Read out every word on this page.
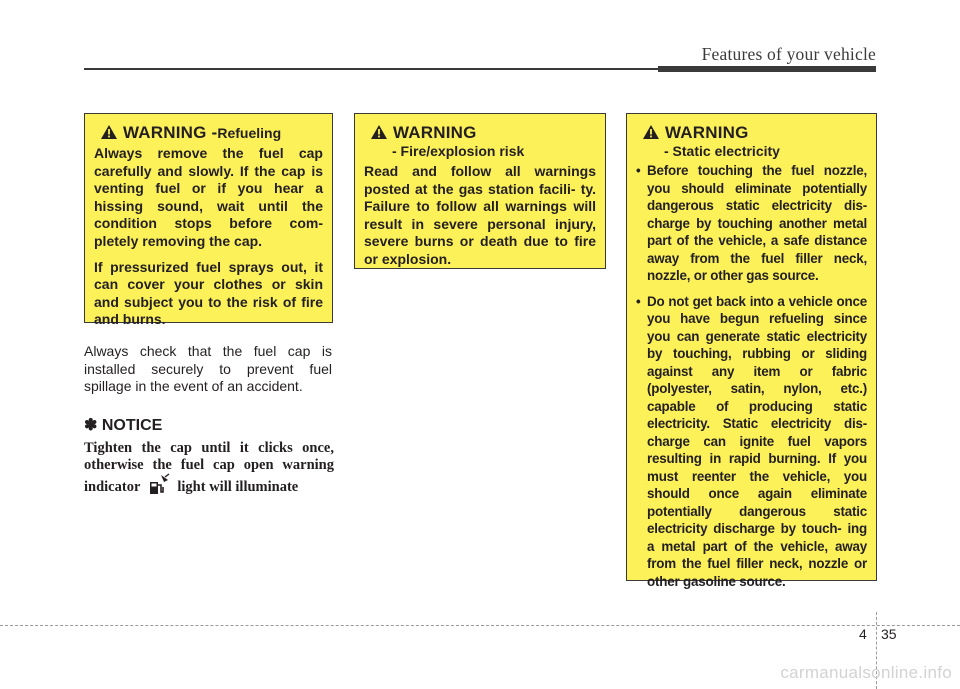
Features of your vehicle
WARNING - Refueling

Always remove the fuel cap carefully and slowly. If the cap is venting fuel or if you hear a hissing sound, wait until the condition stops before com- pletely removing the cap.

If pressurized fuel sprays out, it can cover your clothes or skin and subject you to the risk of fire and burns.

Always check that the fuel cap is installed securely to prevent fuel spillage in the event of an accident.
✽ NOTICE
Tighten the cap until it clicks once, otherwise the fuel cap open warning indicator	light will illuminate
WARNING
- Fire/explosion risk

Read and follow all warnings posted at the gas station facili- ty. Failure to follow all warnings will result in severe personal injury, severe burns or death due to fire or explosion.

WARNING
- Static electricity
• Before touching the fuel nozzle, you should eliminate potentially dangerous static electricity dis- charge by touching another metal part of the vehicle, a safe distance away from the fuel filler neck, nozzle, or other gas source.
• Do not get back into a vehicle once you have begun refueling since you can generate static electricity by touching, rubbing or sliding against any item or fabric (polyester, satin, nylon, etc.) capable of producing static electricity. Static electricity dis- charge can ignite fuel vapors resulting in rapid burning. If you must reenter the vehicle, you should once again eliminate potentially dangerous static electricity discharge by touch- ing a metal part of the vehicle, away from the fuel filler neck, nozzle or other gasoline source.
4 35
carmanualsonline.info
